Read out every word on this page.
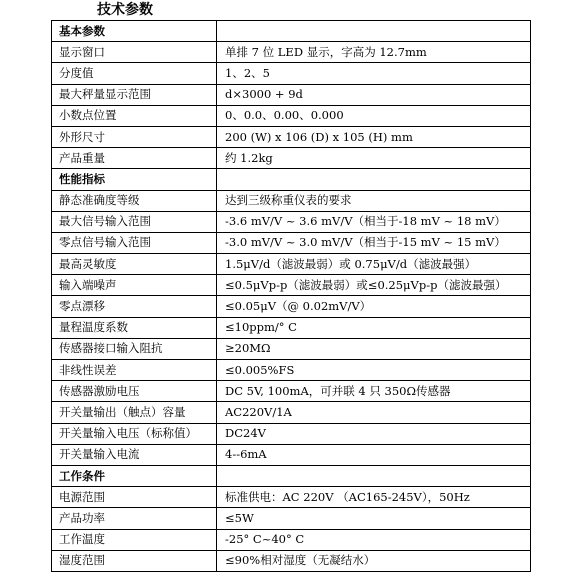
技术参数
基本参数	
显示窗口	单排 7 位 LED 显示，字高为 12.7mm
分度值	1、2、5
最大秤量显示范围	d×3000 + 9d
小数点位置	0、0.0、0.00、0.000
外形尺寸	200 (W) x 106 (D) x 105 (H) mm
产品重量	约 1.2kg
性能指标	
静态准确度等级	达到三级称重仪表的要求
最大信号输入范围	-3.6 mV/V ~ 3.6 mV/V（相当于-18 mV ~ 18 mV）
零点信号输入范围	-3.0 mV/V ~ 3.0 mV/V（相当于-15 mV ~ 15 mV）
最高灵敏度	1.5μV/d（滤波最弱）或 0.75μV/d（滤波最强）
输入端噪声	≤0.5μVp-p（滤波最弱）或≤0.25μVp-p（滤波最强）
零点漂移	≤0.05μV（@ 0.02mV/V）
量程温度系数	≤10ppm/° C
传感器接口输入阻抗	≥20MΩ
非线性误差	≤0.005%FS
传感器激励电压	DC 5V, 100mA，可并联 4 只 350Ω传感器
开关量输出（触点）容量	AC220V/1A
开关量输入电压（标称值）	DC24V
开关量输入电流	4--6mA
工作条件	
电源范围	标准供电：AC 220V （AC165-245V），50Hz
产品功率	≤5W
工作温度	-25° C~40° C
湿度范围	≤90%相对湿度（无凝结水）
